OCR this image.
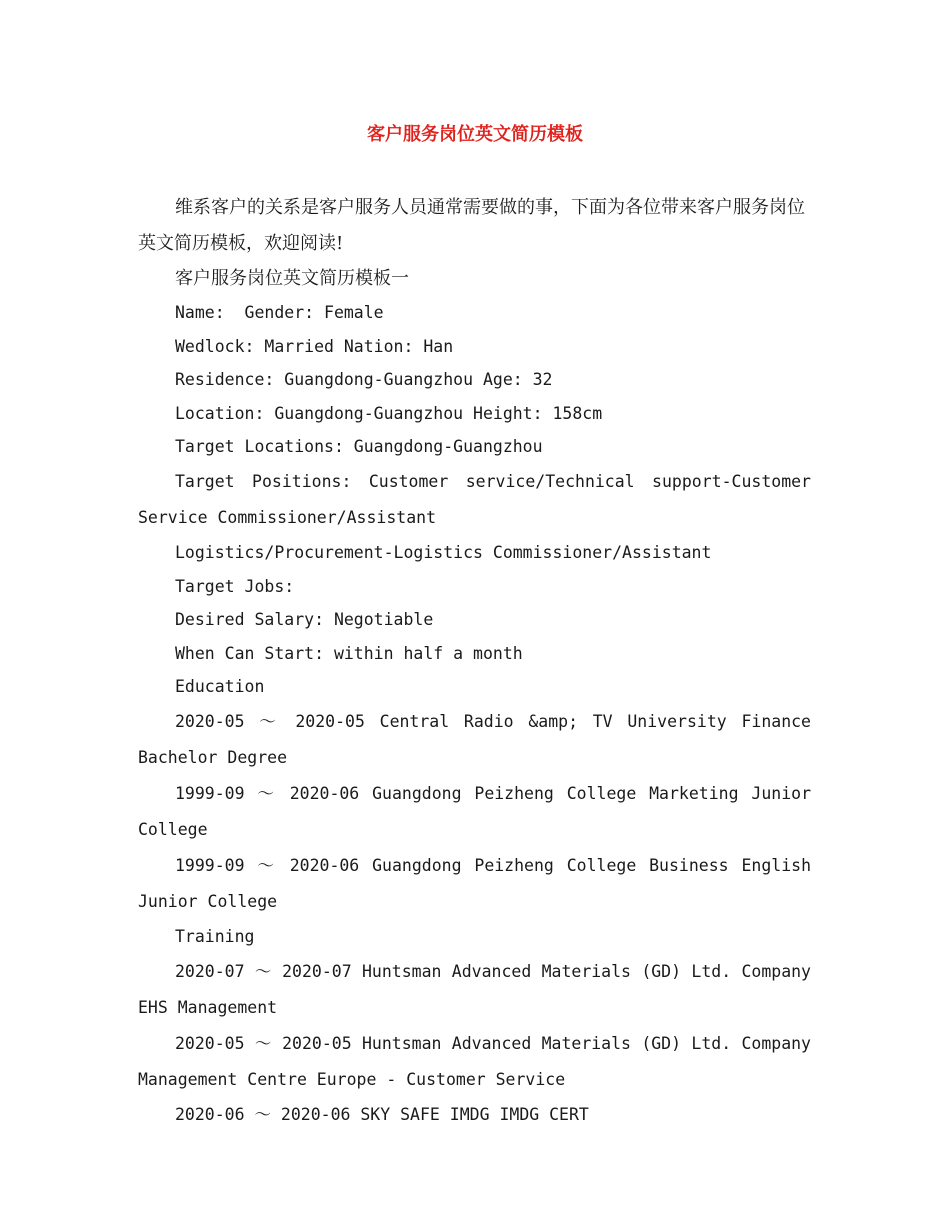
客户服务岗位英文简历模板

维系客户的关系是客户服务人员通常需要做的事，下面为各位带来客户服务岗位英文简历模板，欢迎阅读!

客户服务岗位英文简历模板一

Name:  Gender: Female

Wedlock: Married Nation: Han

Residence: Guangdong-Guangzhou Age: 32

Location: Guangdong-Guangzhou Height: 158cm

Target Locations: Guangdong-Guangzhou

Target Positions: Customer service/Technical support-Customer Service Commissioner/Assistant

Logistics/Procurement-Logistics Commissioner/Assistant

Target Jobs:

Desired Salary: Negotiable

When Can Start: within half a month

Education

2020-05 ～ 2020-05 Central Radio &amp; TV University Finance Bachelor Degree

1999-09 ～ 2020-06 Guangdong Peizheng College Marketing Junior College

1999-09 ～ 2020-06 Guangdong Peizheng College Business English Junior College

Training

2020-07 ～ 2020-07 Huntsman Advanced Materials (GD) Ltd. Company EHS Management

2020-05 ～ 2020-05 Huntsman Advanced Materials (GD) Ltd. Company Management Centre Europe - Customer Service

2020-06 ～ 2020-06 SKY SAFE IMDG IMDG CERT
